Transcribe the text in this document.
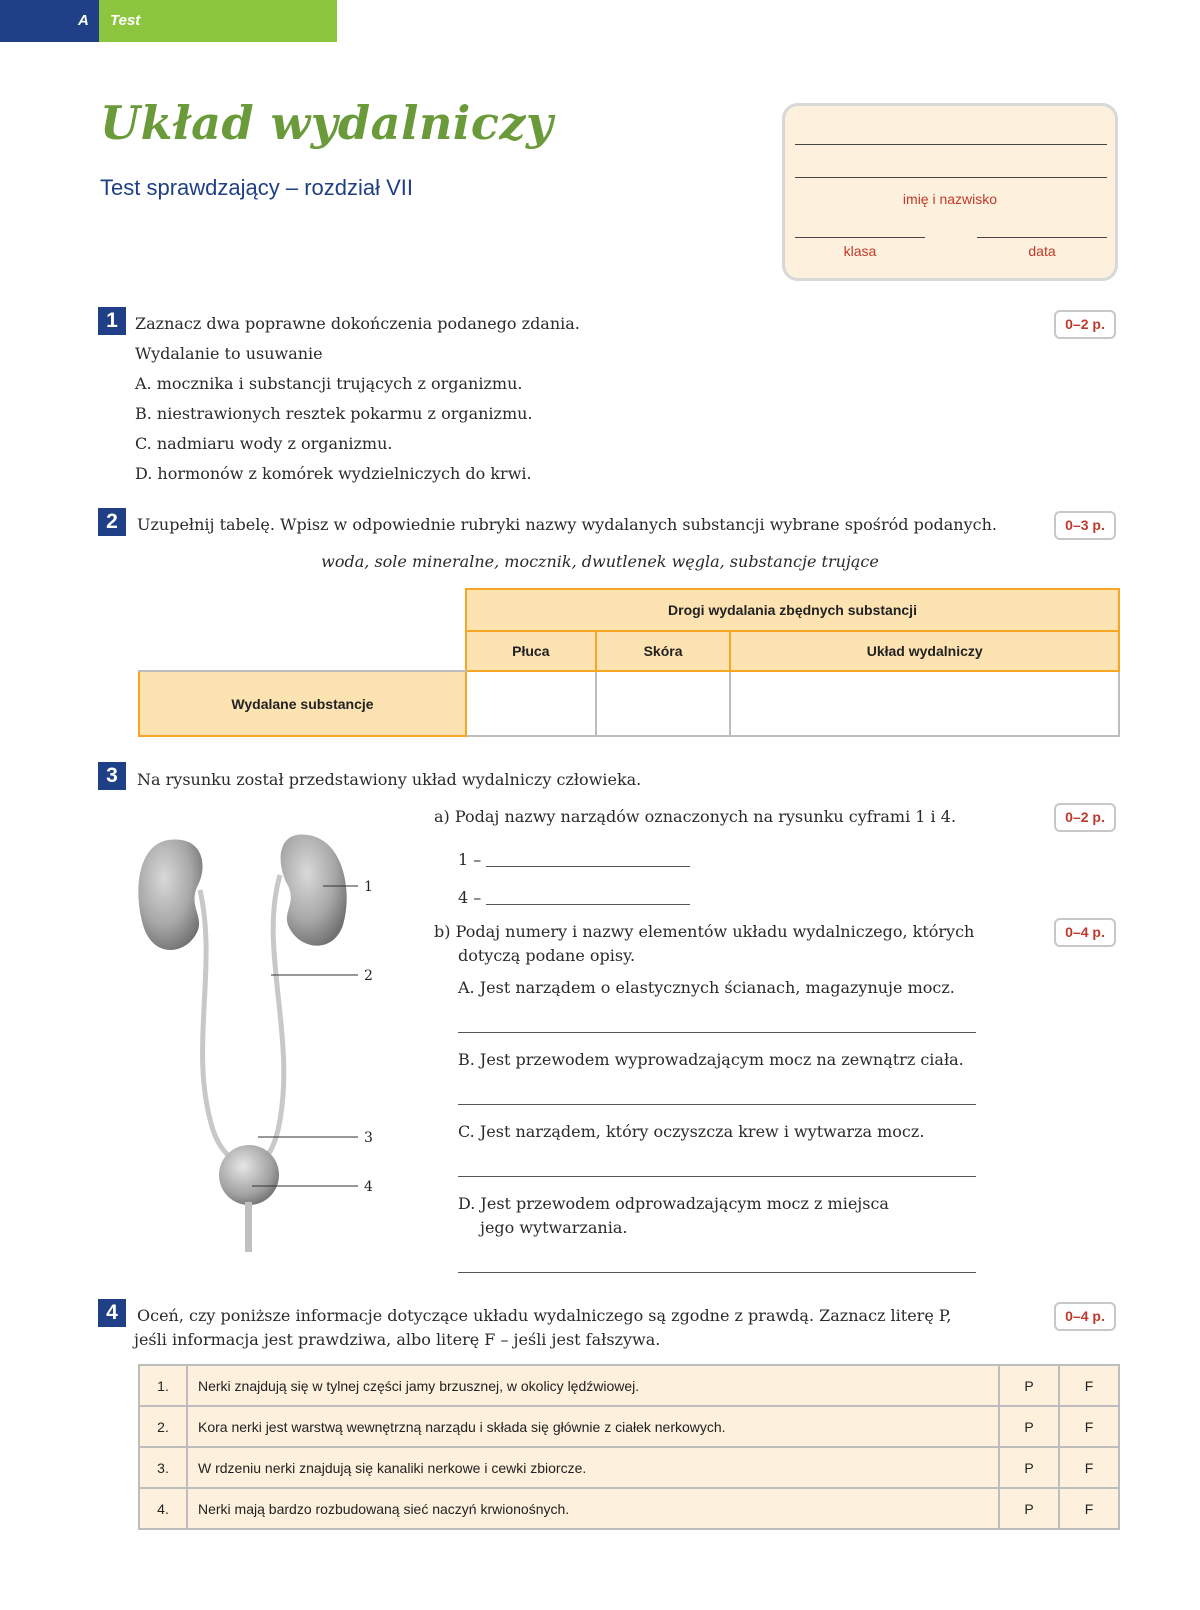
A Test
Układ wydalniczy
Test sprawdzający – rozdział VII	imię i nazwisko
klasa	data
1	0–2 p.
Zaznacz dwa poprawne dokończenia podanego zdania.
Wydalanie to usuwanie
A. mocznika i substancji trujących z organizmu.
B. niestrawionych resztek pokarmu z organizmu.
C. nadmiaru wody z organizmu.
D. hormonów z komórek wydzielniczych do krwi.
2	0–3 p.
Uzupełnij tabelę. Wpisz w odpowiednie rubryki nazwy wydalanych substancji wybrane spośród podanych.
woda, sole mineralne, mocznik, dwutlenek węgla, substancje trujące
	Drogi wydalania zbędnych substancji		
	Płuca	Skóra	Układ wydalniczy
Wydalane substancje			
3	Na rysunku został przedstawiony układ wydalniczy człowieka.
1
2
3
4
0–2 p.
a) Podaj nazwy narządów oznaczonych na rysunku cyframi 1 i 4.
1 –
4 –
0–4 p.
b) Podaj numery i nazwy elementów układu wydalniczego, których
dotyczą podane opisy.
A. Jest narządem o elastycznych ścianach, magazynuje mocz.
B. Jest przewodem wyprowadzającym mocz na zewnątrz ciała.
C. Jest narządem, który oczyszcza krew i wytwarza mocz.
D. Jest przewodem odprowadzającym mocz z miejsca
jego wytwarzania.
4	0–4 p.
Oceń, czy poniższe informacje dotyczące układu wydalniczego są zgodne z prawdą. Zaznacz literę P,
jeśli informacja jest prawdziwa, albo literę F – jeśli jest fałszywa.
1.	Nerki znajdują się w tylnej części jamy brzusznej, w okolicy lędźwiowej.	P	F
2.	Kora nerki jest warstwą wewnętrzną narządu i składa się głównie z ciałek nerkowych.	P	F
3.	W rdzeniu nerki znajdują się kanaliki nerkowe i cewki zbiorcze.	P	F
4.	Nerki mają bardzo rozbudowaną sieć naczyń krwionośnych.	P	F
